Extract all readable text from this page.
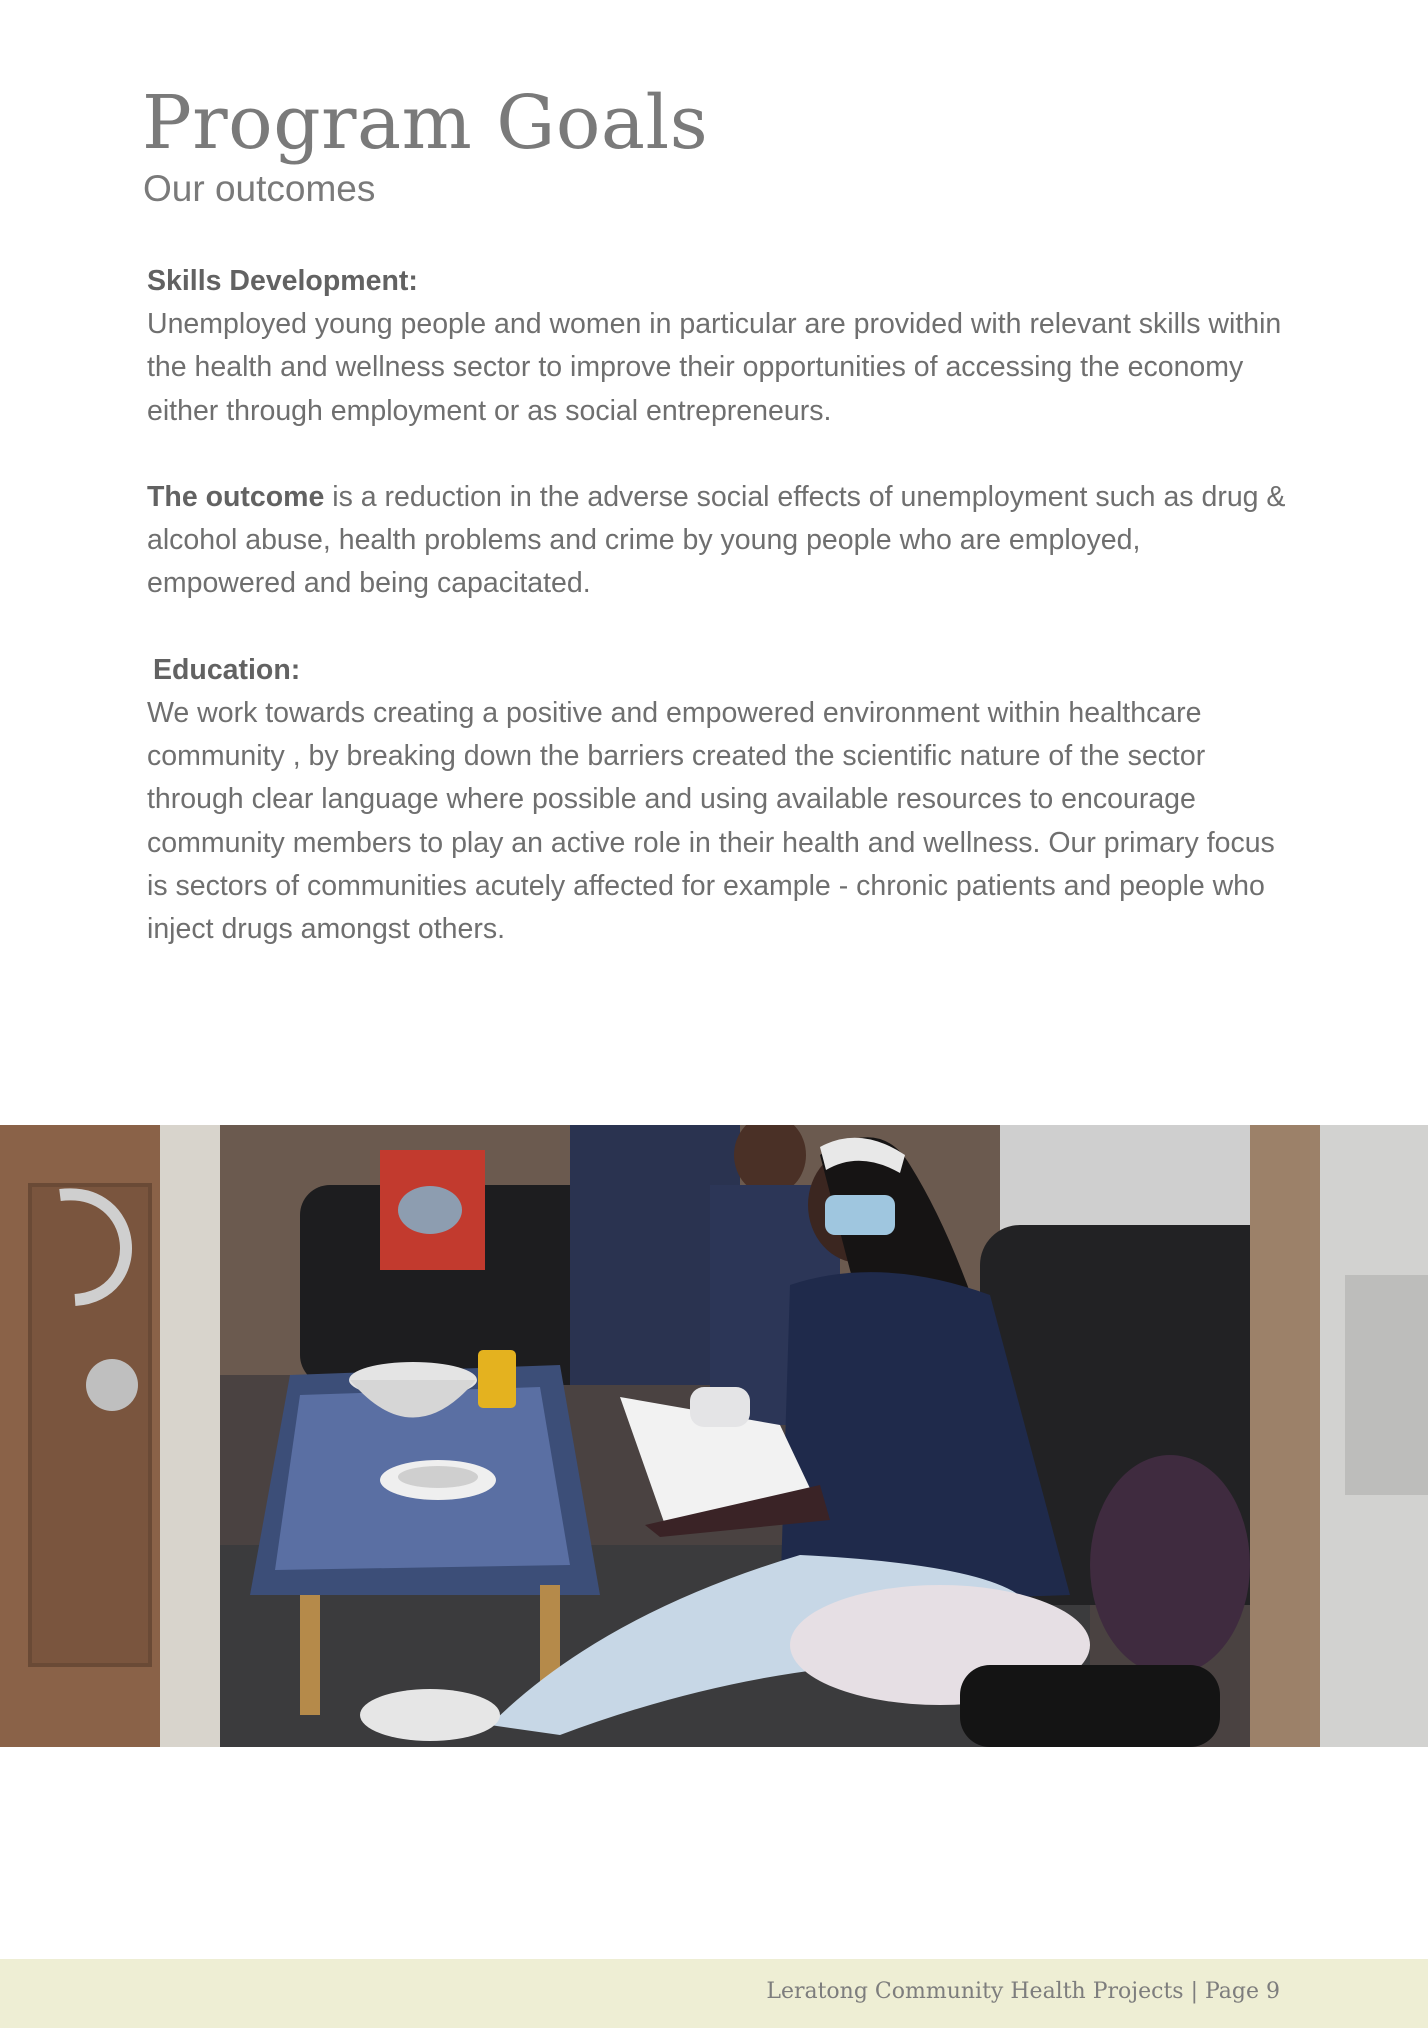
Program Goals
Our outcomes

Skills Development:

Unemployed young people and women in particular are provided with relevant skills within the health and wellness sector to improve their opportunities of accessing the economy either through employment or as social entrepreneurs.

The outcome is a reduction in the adverse social effects of unemployment such as drug & alcohol abuse, health problems and crime by young people who are employed, empowered and being capacitated.

Education:

We work towards creating a positive and empowered environment within healthcare community , by breaking down the barriers created the scientific nature of the sector through clear language where possible and using available resources to encourage community members to play an active role in their health and wellness. Our primary focus is sectors of communities acutely affected for example - chronic patients and people who inject drugs amongst others.

Leratong Community Health Projects | Page 9
